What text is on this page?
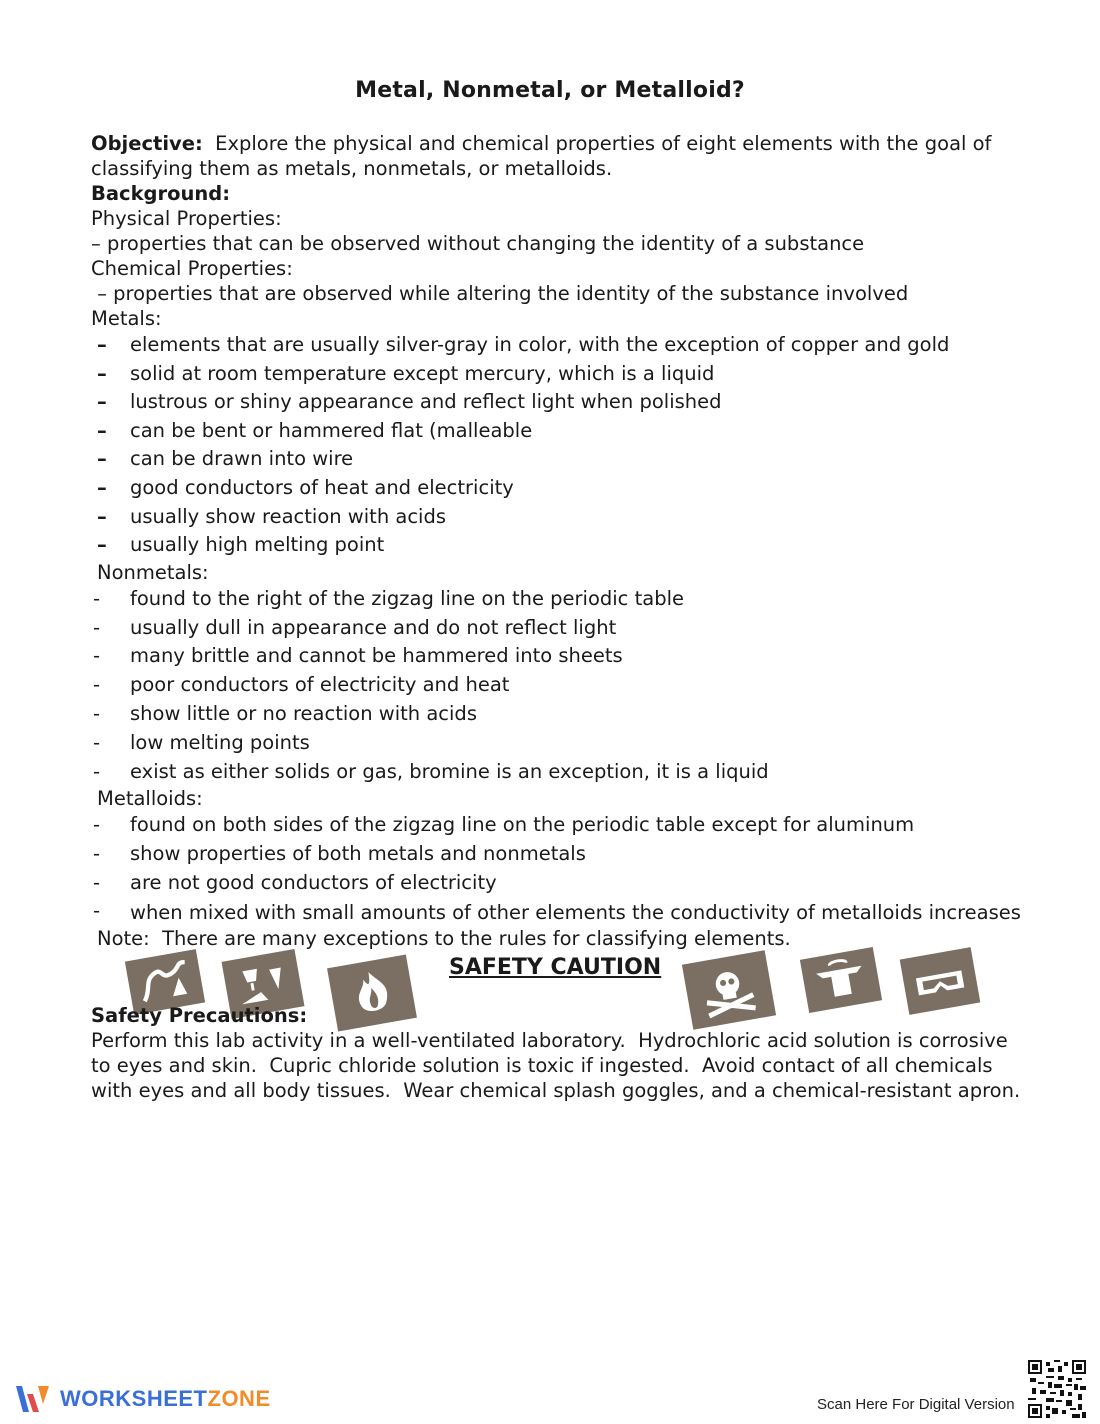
Metal, Nonmetal, or Metalloid?
Objective:  Explore the physical and chemical properties of eight elements with the goal of classifying them as metals, nonmetals, or metalloids.
Background:
Physical Properties:
– properties that can be observed without changing the identity of a substance
Chemical Properties:
– properties that are observed while altering the identity of the substance involved
Metals:
– elements that are usually silver-gray in color, with the exception of copper and gold
– solid at room temperature except mercury, which is a liquid
– lustrous or shiny appearance and reflect light when polished
– can be bent or hammered flat (malleable
– can be drawn into wire
– good conductors of heat and electricity
– usually show reaction with acids
– usually high melting point
Nonmetals:
- found to the right of the zigzag line on the periodic table
- usually dull in appearance and do not reflect light
- many brittle and cannot be hammered into sheets
- poor conductors of electricity and heat
- show little or no reaction with acids
- low melting points
- exist as either solids or gas, bromine is an exception, it is a liquid
Metalloids:
- found on both sides of the zigzag line on the periodic table except for aluminum
- show properties of both metals and nonmetals
- are not good conductors of electricity
- when mixed with small amounts of other elements the conductivity of metalloids increases
Note:  There are many exceptions to the rules for classifying elements.
SAFETY CAUTION
Safety Precautions:
Perform this lab activity in a well-ventilated laboratory.  Hydrochloric acid solution is corrosive to eyes and skin.  Cupric chloride solution is toxic if ingested.  Avoid contact of all chemicals with eyes and all body tissues.  Wear chemical splash goggles, and a chemical-resistant apron.
WORKSHEETZONE	Scan Here For Digital Version
